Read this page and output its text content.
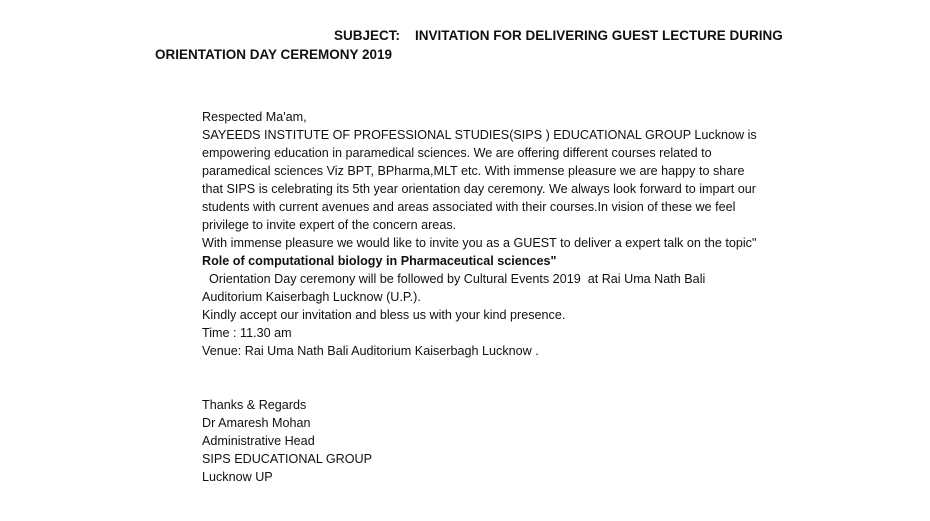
SUBJECT: INVITATION FOR DELIVERING GUEST LECTURE DURING
ORIENTATION DAY CEREMONY 2019

Respected Ma'am,

SAYEEDS INSTITUTE OF PROFESSIONAL STUDIES(SIPS ) EDUCATIONAL GROUP Lucknow is empowering education in paramedical sciences. We are offering different courses related to paramedical sciences Viz BPT, BPharma,MLT etc. With immense pleasure we are happy to share that SIPS is celebrating its 5th year orientation day ceremony. We always look forward to impart our students with current avenues and areas associated with their courses.In vision of these we feel privilege to invite expert of the concern areas.

With immense pleasure we would like to invite you as a GUEST to deliver a expert talk on the topic" Role of computational biology in Pharmaceutical sciences"

Orientation Day ceremony will be followed by Cultural Events 2019  at Rai Uma Nath Bali Auditorium Kaiserbagh Lucknow (U.P.).

Kindly accept our invitation and bless us with your kind presence.

Time : 11.30 am

Venue: Rai Uma Nath Bali Auditorium Kaiserbagh Lucknow .

Thanks & Regards

Dr Amaresh Mohan

Administrative Head

SIPS EDUCATIONAL GROUP

Lucknow UP
